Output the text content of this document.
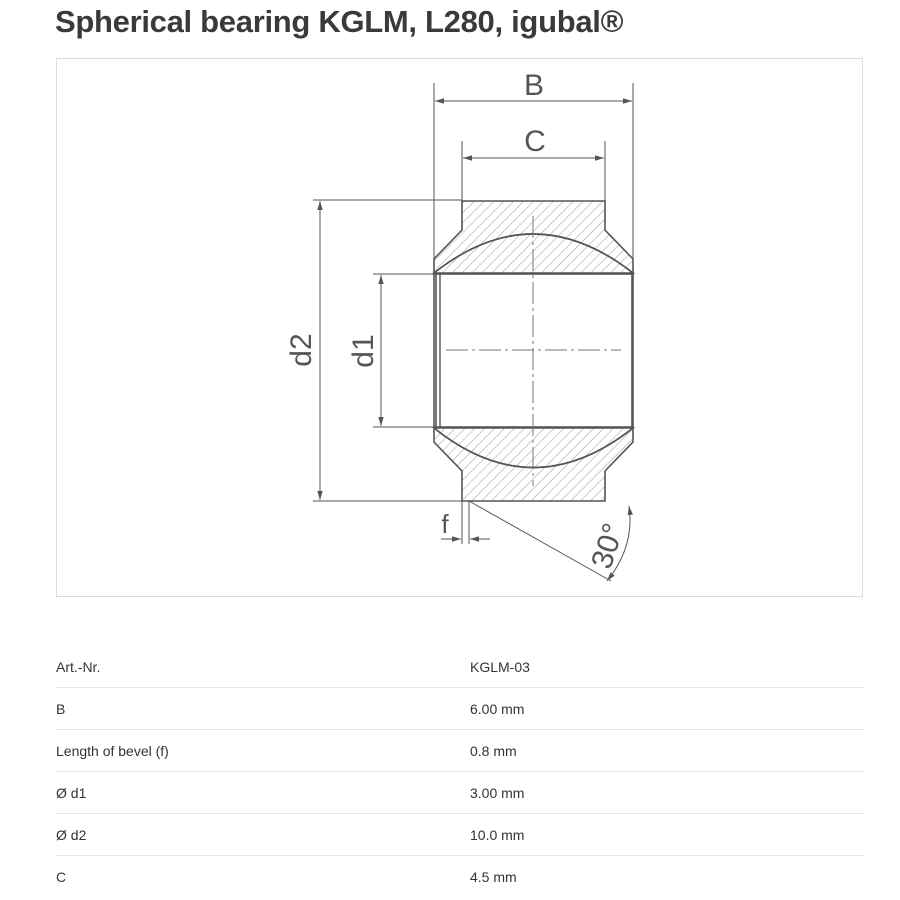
Spherical bearing KGLM, L280, igubal®
B
C
d2 d1
f	30°
Art.-Nr.	KGLM-03
B	6.00 mm
Length of bevel (f)	0.8 mm
Ø d1	3.00 mm
Ø d2	10.0 mm
C	4.5 mm
